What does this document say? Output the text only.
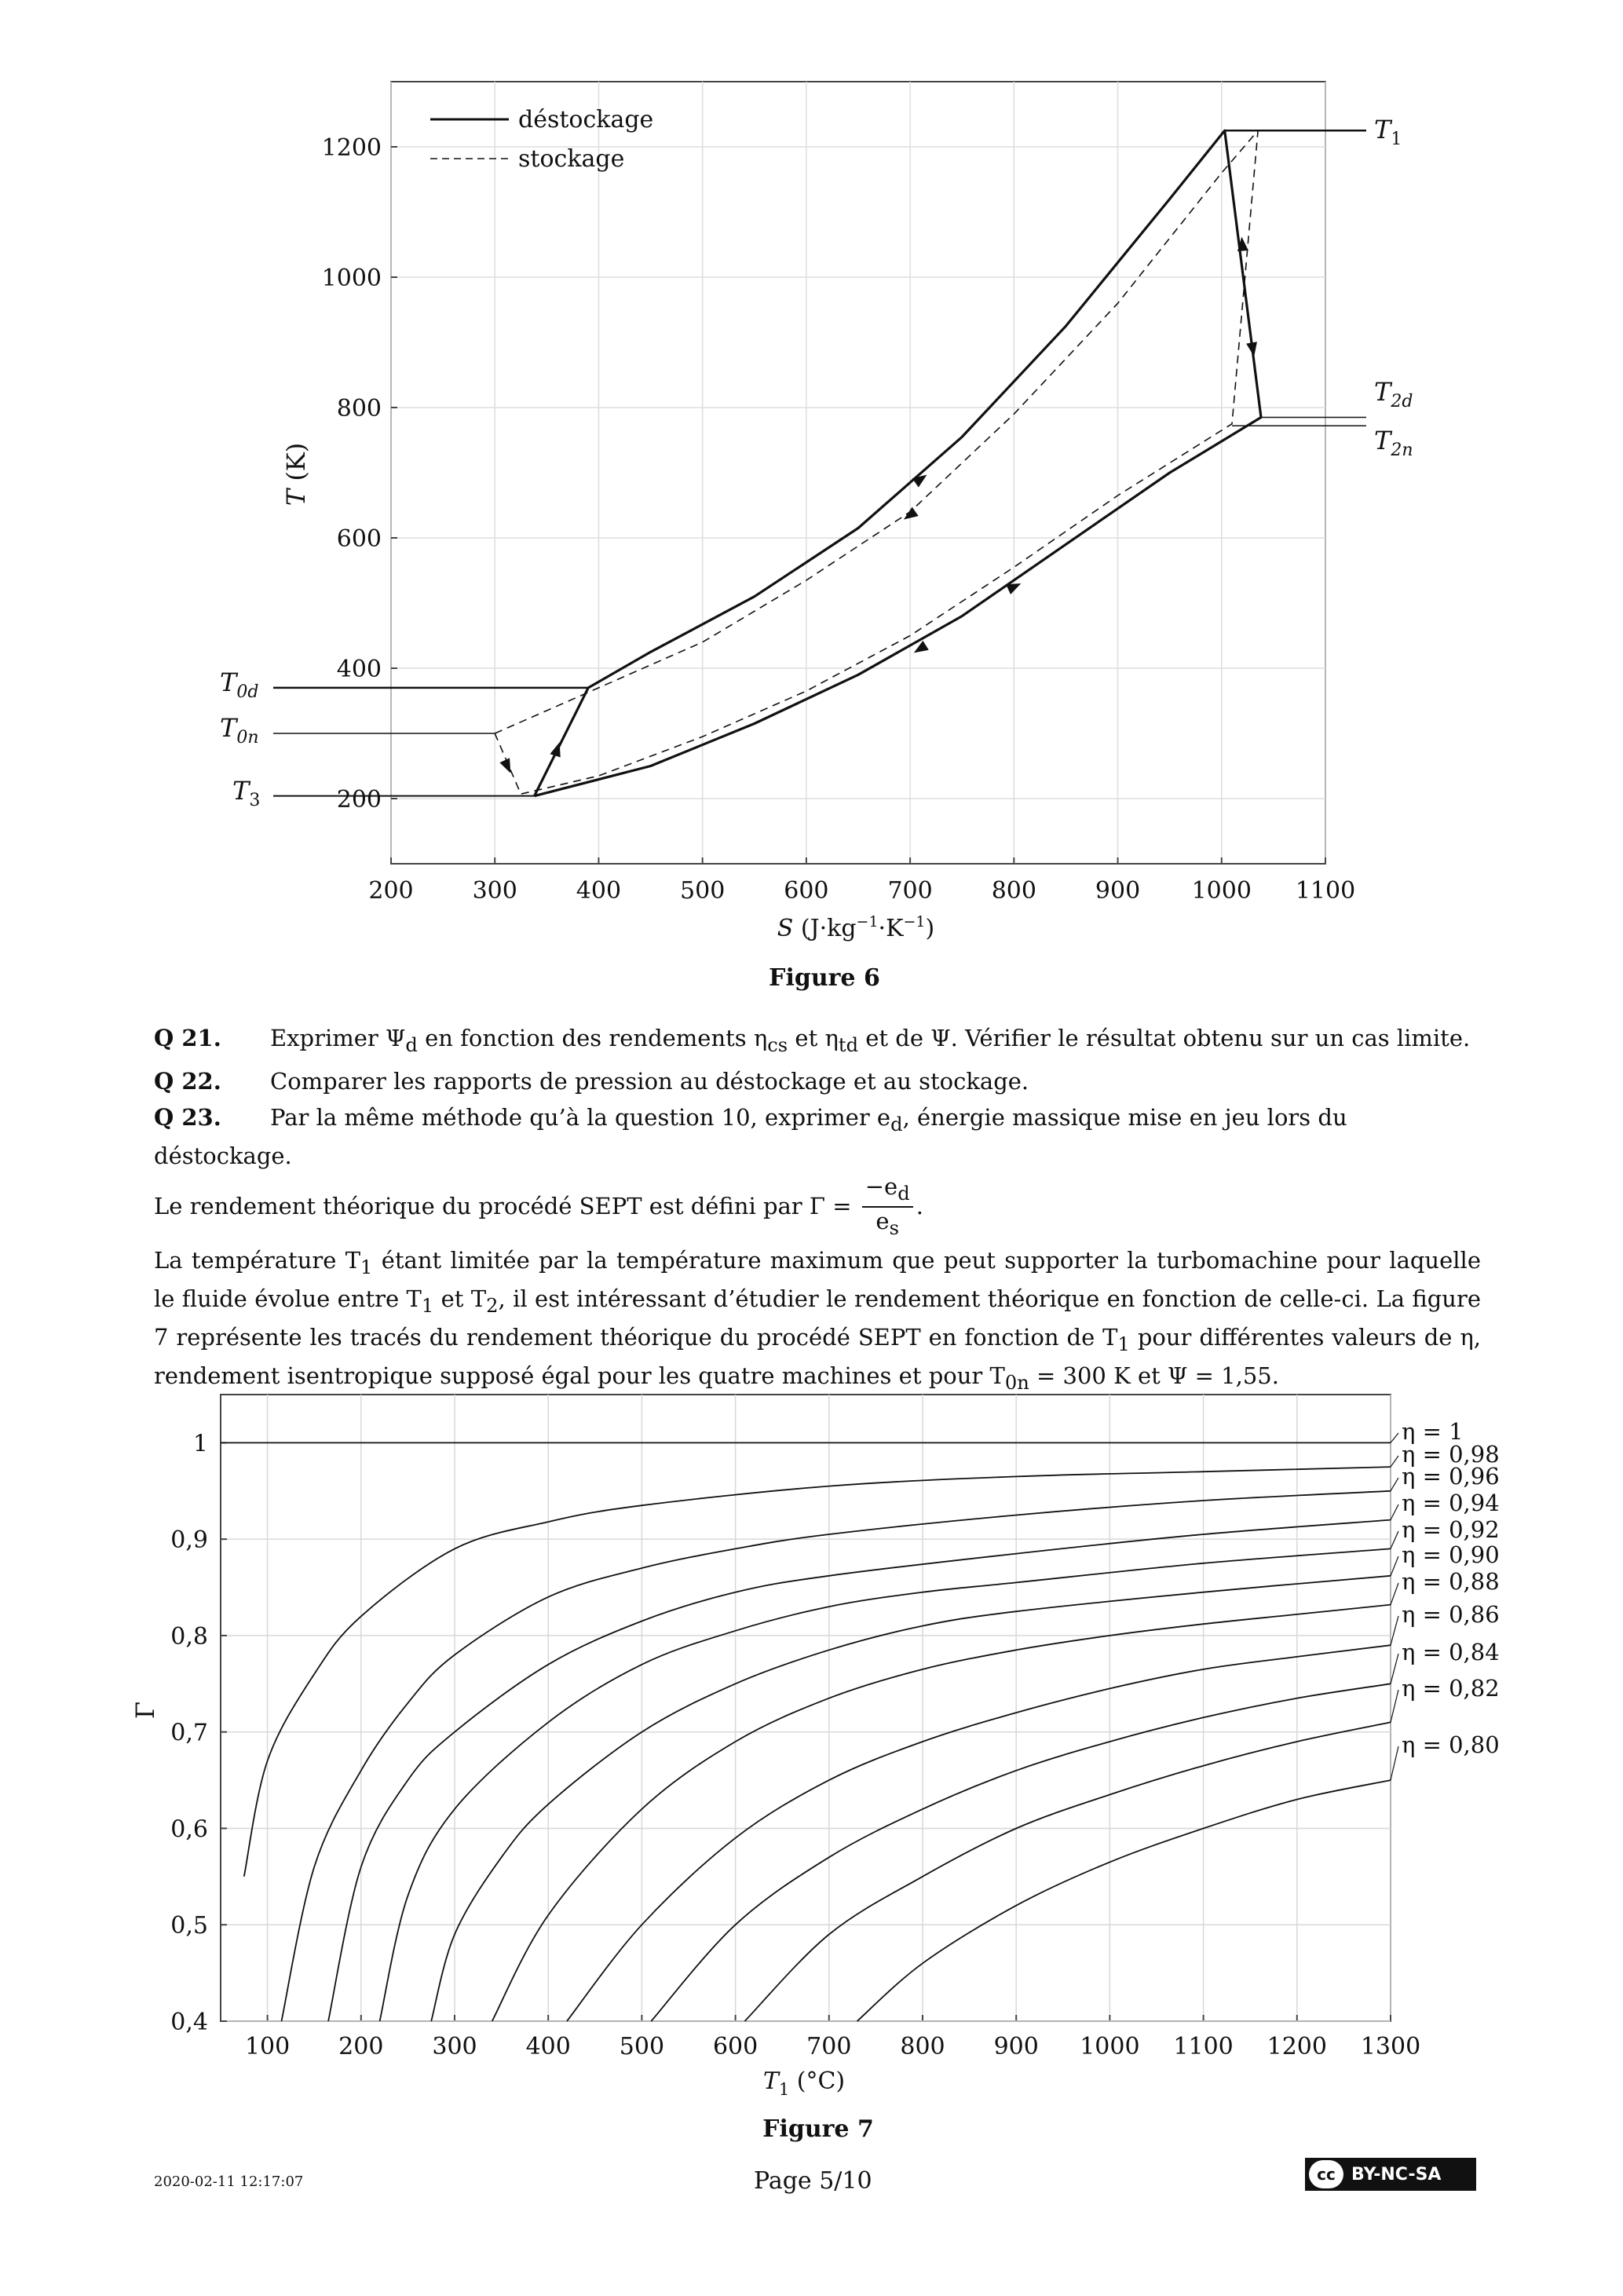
200 300 400 500 600 700 800 900 1000 1100
200
400
600
800
1000
1200
déstockage
stockage
$T_1$
$T_{2d}$
$T_{2n}$
$T_{0d}$
$T_{0n}$
$T_3$
T (K)
S $(J\cdot kg^{-1}\cdot K^{-1})$
Figure 6

Q 21. Exprimer $\Psi_d$ en fonction des rendements $\eta_{cs}$ et $\eta_{td}$ et de Ψ. Vérifier le résultat obtenu sur un cas limite.

Q 22. Comparer les rapports de pression au déstockage et au stockage.

Q 23. Par la même méthode qu’à la question 10, exprimer $e_d$, énergie massique mise en jeu lors du déstockage.

Le rendement théorique du procédé SEPT est défini par $\Gamma = \frac{-e_d}{e_s}$ .

La température $T_1$ étant limitée par la température maximum que peut supporter la turbomachine pour laquelle le fluide évolue entre $T_1$ et $T_2$, il est intéressant d’étudier le rendement théorique en fonction de celle-ci. La figure 7 représente les tracés du rendement théorique du procédé SEPT en fonction de $T_1$ pour différentes valeurs de η, rendement isentropique supposé égal pour les quatre machines et pour $T_{0n} = 300$ K et Ψ = 1,55.

100 200 300 400 500 600 700 800 900 1000 1100 1200 1300
0,4
0,5
0,6
0,7
0,8
0,9
1	η = 1
η = 0,98
η = 0,96
η = 0,94
η = 0,92
η = 0,90
η = 0,88
η = 0,86
η = 0,84
η = 0,82
η = 0,80
Γ
$T_1$ (°C)
Figure 7
2020-02-11 12:17:07	Page 5/10	cc BY-NC-SA
